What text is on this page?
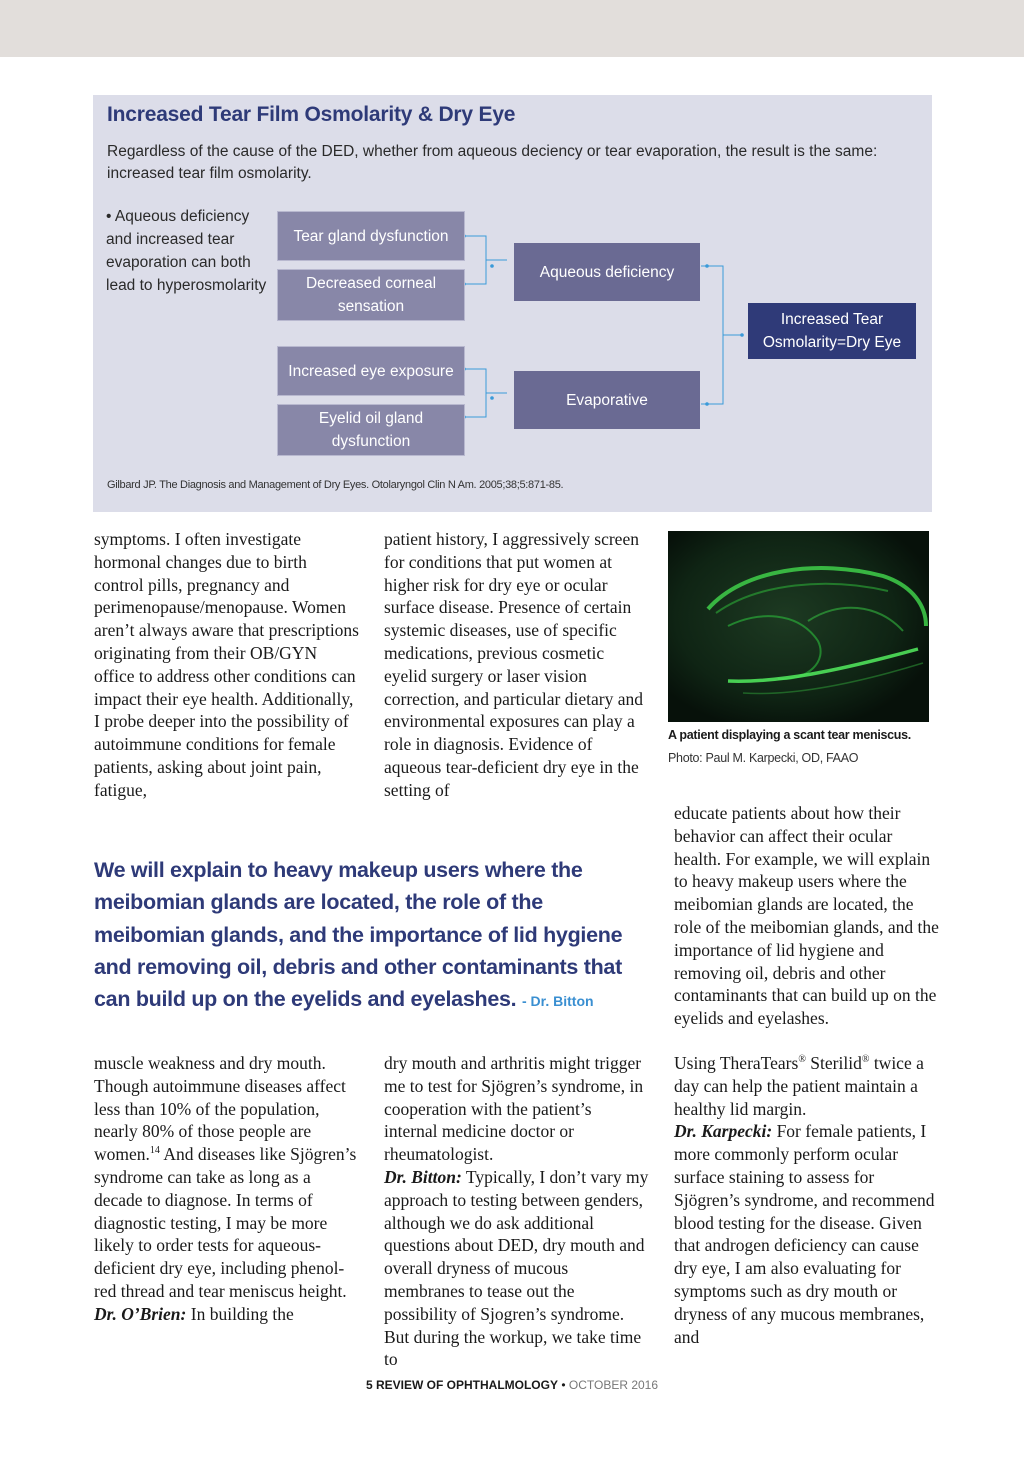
Increased Tear Film Osmolarity & Dry Eye
Regardless of the cause of the DED, whether from aqueous deciency or tear evaporation, the result is the same: increased tear film osmolarity.
• Aqueous deficiency and increased tear evaporation can both lead to hyperosmolarity
Tear gland dysfunction
Decreased corneal sensation
Increased eye exposure
Eyelid oil gland dysfunction
Aqueous deficiency
Evaporative
Increased Tear Osmolarity=Dry Eye
Gilbard JP. The Diagnosis and Management of Dry Eyes. Otolaryngol Clin N Am. 2005;38;5:871-85.

symptoms. I often investigate hormonal changes due to birth control pills, pregnancy and perimenopause/menopause. Women aren’t always aware that prescriptions originating from their OB/GYN office to address other conditions can impact their eye health. Additionally, I probe deeper into the possibility of autoimmune conditions for female patients, asking about joint pain, fatigue,

patient history, I aggressively screen for conditions that put women at higher risk for dry eye or ocular surface disease. Presence of certain systemic diseases, use of specific medications, previous cosmetic eyelid surgery or laser vision correction, and particular dietary and environmental exposures can play a role in diagnosis. Evidence of aqueous tear-deficient dry eye in the setting of

A patient displaying a scant tear meniscus.
Photo: Paul M. Karpecki, OD, FAAO

educate patients about how their behavior can affect their ocular health. For example, we will explain to heavy makeup users where the meibomian glands are located, the role of the meibomian glands, and the importance of lid hygiene and removing oil, debris and other contaminants that can build up on the eyelids and eyelashes.

We will explain to heavy makeup users where the meibomian glands are located, the role of the meibomian glands, and the importance of lid hygiene and removing oil, debris and other contaminants that can build up on the eyelids and eyelashes. - Dr. Bitton

muscle weakness and dry mouth. Though autoimmune diseases affect less than 10% of the population, nearly 80% of those people are women.$^{14}$ And diseases like Sjögren’s syndrome can take as long as a decade to diagnose. In terms of diagnostic testing, I may be more likely to order tests for aqueous-deficient dry eye, including phenol-red thread and tear meniscus height.
Dr. O’Brien: In building the

dry mouth and arthritis might trigger me to test for Sjögren’s syndrome, in cooperation with the patient’s internal medicine doctor or rheumatologist.
Dr. Bitton: Typically, I don’t vary my approach to testing between genders, although we do ask additional questions about DED, dry mouth and overall dryness of mucous membranes to tease out the possibility of Sjogren’s syndrome. But during the workup, we take time to

Using TheraTears® Sterilid® twice a day can help the patient maintain a healthy lid margin.
Dr. Karpecki: For female patients, I more commonly perform ocular surface staining to assess for Sjögren’s syndrome, and recommend blood testing for the disease. Given that androgen deficiency can cause dry eye, I am also evaluating for symptoms such as dry mouth or dryness of any mucous membranes, and

5 REVIEW OF OPHTHALMOLOGY • OCTOBER 2016
